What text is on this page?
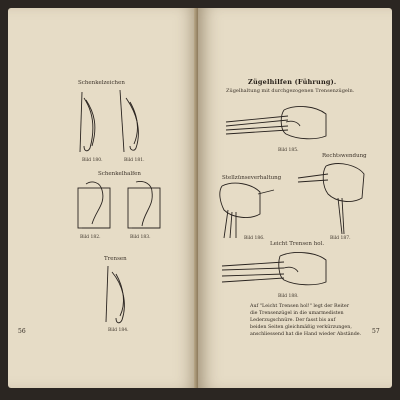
Schenkelzeichen
Bild 180.	Bild 181.
Schenkelhalfen
Bild 182.	Bild 183.
Trensen
Bild 184.
56
Zügelhilfen (Führung).
Zügelhaltung mit durchgezogenen Trensenzügeln.
Bild 185.
Stellzünseverhaltung
Rechtswendung
Bild 186.	Bild 187.
Leicht Trensen hol.
Bild 188.
Auf "Leicht Trensen hol!" legt der Reiter
die Trensenzügel in die umarmedisten
Lederzugschnüre. Der fasst bis auf
beiden Seiten gleichmäßig verkürzungen,
anschliessend hat die Hand wieder Abstände.	57
